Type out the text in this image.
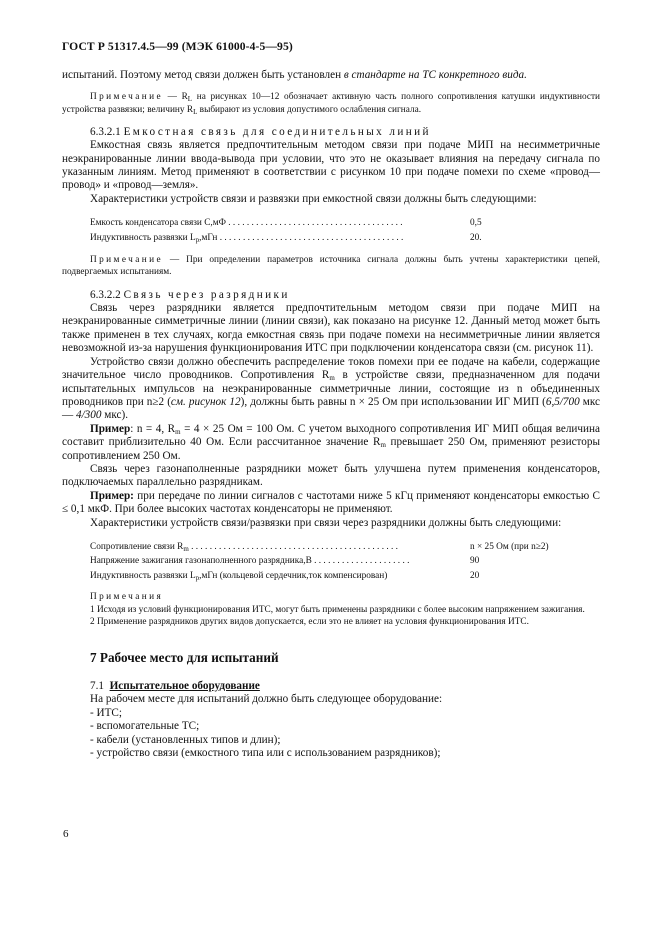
ГОСТ Р 51317.4.5—99 (МЭК 61000-4-5—95)

испытаний. Поэтому метод связи должен быть установлен в стандарте на ТС конкретного вида.

Примечание — $R_L$ на рисунках 10—12 обозначает активную часть полного сопротивления катушки индуктивности устройства развязки; величину $R_L$ выбирают из условия допустимого ослабления сигнала.

6.3.2.1 Емкостная связь для соединительных линий

Емкостная связь является предпочтительным методом связи при подаче МИП на несимметричные неэкранированные линии ввода-вывода при условии, что это не оказывает влияния на передачу сигнала по указанным линиям. Метод применяют в соответствии с рисунком 10 при подаче помехи по схеме «провод—провод» и «провод—земля».

Характеристики устройств связи и развязки при емкостной связи должны быть следующими:

Емкость конденсатора связи С,мФ . . . . . . . . . . . . . . . . . . . . . . . . . . . . . . . . . . . . . .	0,5
Индуктивность развязки $L_р,мГн$ . . . . . . . . . . . . . . . . . . . . . . . . . . . . . . . . . . . . . . . .	20.

Примечание — При определении параметров источника сигнала должны быть учтены характеристики цепей, подвергаемых испытаниям.

6.3.2.2 Связь через разрядники

Связь через разрядники является предпочтительным методом связи при подаче МИП на неэкранированные симметричные линии (линии связи), как показано на рисунке 12. Данный метод может быть также применен в тех случаях, когда емкостная связь при подаче помехи на несимметричные линии является невозможной из-за нарушения функционирования ИТС при подключении конденсатора связи (см. рисунок 11).

Устройство связи должно обеспечить распределение токов помехи при ее подаче на кабели, содержащие значительное число проводников. Сопротивления $R_m$ в устройстве связи, предназначенном для подачи испытательных импульсов на неэкранированные симметричные линии, состоящие из n объединенных проводников при n≥2 (см. рисунок 12), должны быть равны n × 25 Ом при использовании ИГ МИП (6,5/700 мкс — 4/300 мкс).

Пример: n = 4, $R_m = 4 \times 25$ Ом = 100 Ом. С учетом выходного сопротивления ИГ МИП общая величина составит приблизительно 40 Ом. Если рассчитанное значение $R_m$ превышает 250 Ом, применяют резисторы сопротивлением 250 Ом.

Связь через газонаполненные разрядники может быть улучшена путем применения конденсаторов, подключаемых параллельно разрядникам.

Пример: при передаче по линии сигналов с частотами ниже 5 кГц применяют конденсаторы емкостью C ≤ 0,1 мкФ. При более высоких частотах конденсаторы не применяют.

Характеристики устройств связи/развязки при связи через разрядники должны быть следующими:

Сопротивление связи $R_m$ . . . . . . . . . . . . . . . . . . . . . . . . . . . . . . . . . . . . . . . . . . . . .	n × 25 Ом (при n≥2)
Напряжение зажигания газонаполненного разрядника,В . . . . . . . . . . . . . . . . . . . . .	90
Индуктивность развязки $L_р,мГн$ (кольцевой сердечник,ток компенсирован)	20

Примечания

1 Исходя из условий функционирования ИТС, могут быть применены разрядники с более высоким напряжением зажигания.

2 Применение разрядников других видов допускается, если это не влияет на условия функционирования ИТС.

7 Рабочее место для испытаний

7.1 Испытательное оборудование

На рабочем месте для испытаний должно быть следующее оборудование:

- ИТС;

- вспомогательные ТС;

- кабели (установленных типов и длин);

- устройство связи (емкостного типа или с использованием разрядников);

6
